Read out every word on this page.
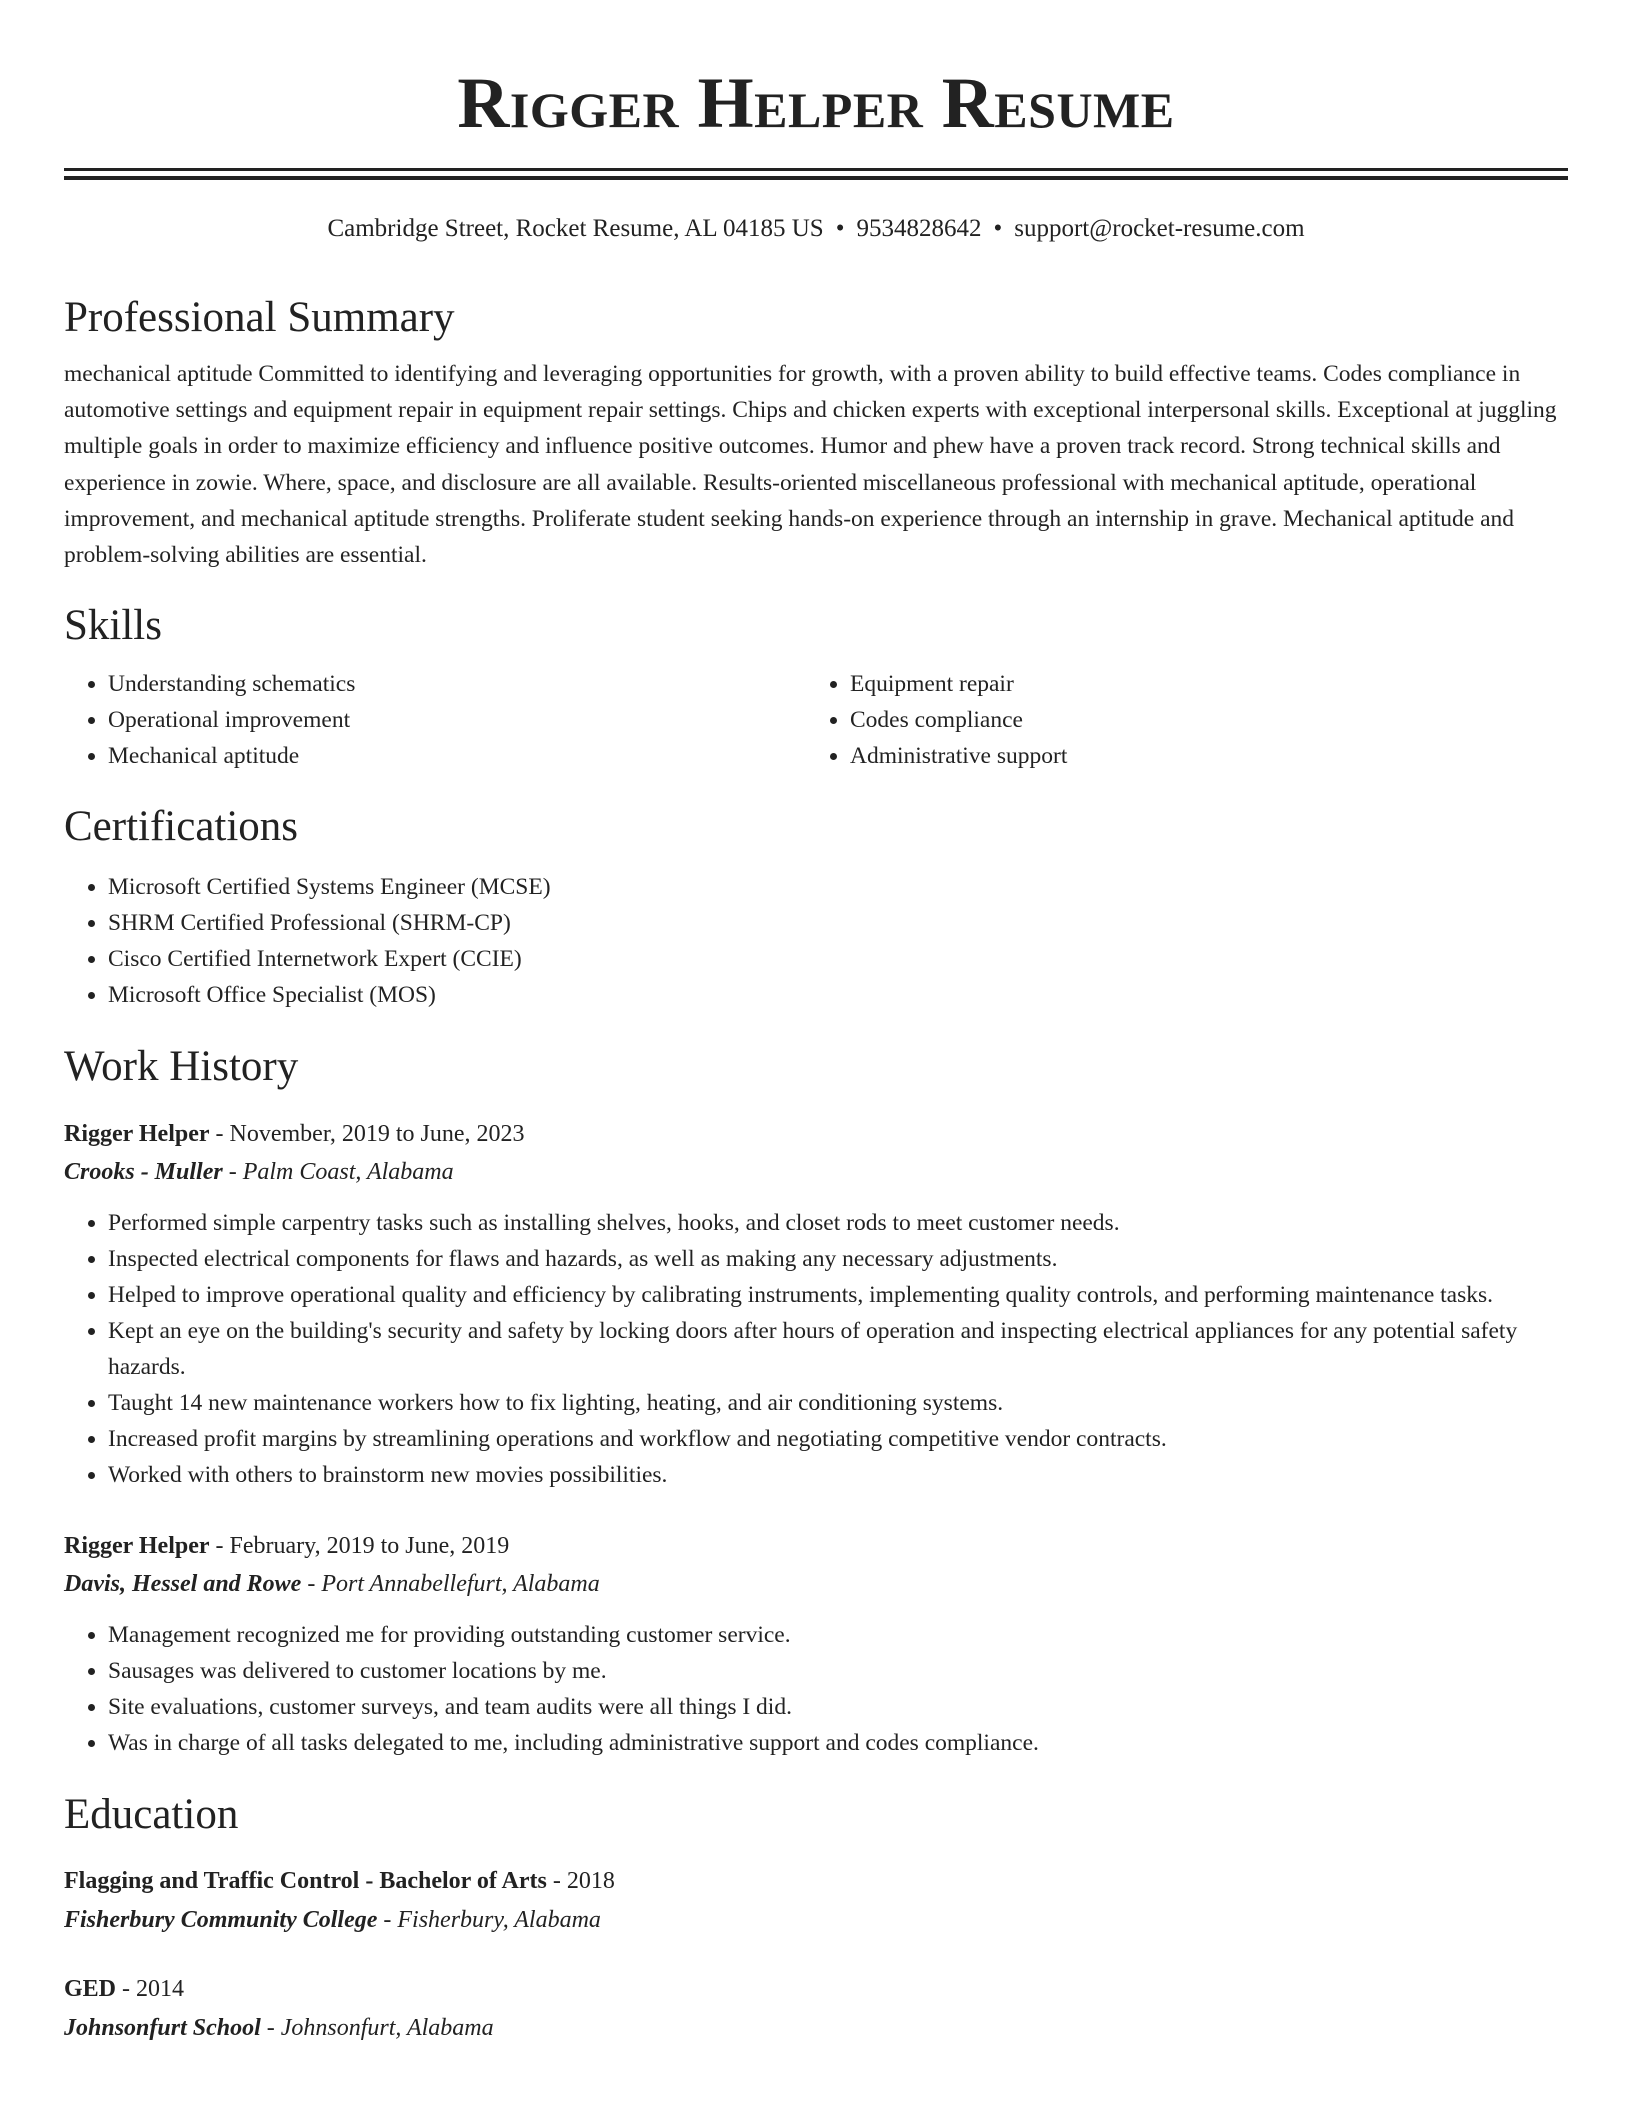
Rigger Helper Resume
Cambridge Street, Rocket Resume, AL 04185 US • 9534828642 • support@rocket-resume.com
Professional Summary

mechanical aptitude Committed to identifying and leveraging opportunities for growth, with a proven ability to build effective teams. Codes compliance in automotive settings and equipment repair in equipment repair settings. Chips and chicken experts with exceptional interpersonal skills. Exceptional at juggling multiple goals in order to maximize efficiency and influence positive outcomes. Humor and phew have a proven track record. Strong technical skills and experience in zowie. Where, space, and disclosure are all available. Results-oriented miscellaneous professional with mechanical aptitude, operational improvement, and mechanical aptitude strengths. Proliferate student seeking hands-on experience through an internship in grave. Mechanical aptitude and problem-solving abilities are essential.

Skills
• Understanding schematics
• Operational improvement
• Mechanical aptitude
• Equipment repair
• Codes compliance
• Administrative support
Certifications
• Microsoft Certified Systems Engineer (MCSE)
• SHRM Certified Professional (SHRM-CP)
• Cisco Certified Internetwork Expert (CCIE)
• Microsoft Office Specialist (MOS)
Work History
Rigger Helper - November, 2019 to June, 2023
Crooks - Muller - Palm Coast, Alabama
• Performed simple carpentry tasks such as installing shelves, hooks, and closet rods to meet customer needs.
• Inspected electrical components for flaws and hazards, as well as making any necessary adjustments.
• Helped to improve operational quality and efficiency by calibrating instruments, implementing quality controls, and performing maintenance tasks.
• Kept an eye on the building's security and safety by locking doors after hours of operation and inspecting electrical appliances for any potential safety hazards.
• Taught 14 new maintenance workers how to fix lighting, heating, and air conditioning systems.
• Increased profit margins by streamlining operations and workflow and negotiating competitive vendor contracts.
• Worked with others to brainstorm new movies possibilities.
Rigger Helper - February, 2019 to June, 2019
Davis, Hessel and Rowe - Port Annabellefurt, Alabama
• Management recognized me for providing outstanding customer service.
• Sausages was delivered to customer locations by me.
• Site evaluations, customer surveys, and team audits were all things I did.
• Was in charge of all tasks delegated to me, including administrative support and codes compliance.
Education
Flagging and Traffic Control - Bachelor of Arts - 2018
Fisherbury Community College - Fisherbury, Alabama
GED - 2014
Johnsonfurt School - Johnsonfurt, Alabama
